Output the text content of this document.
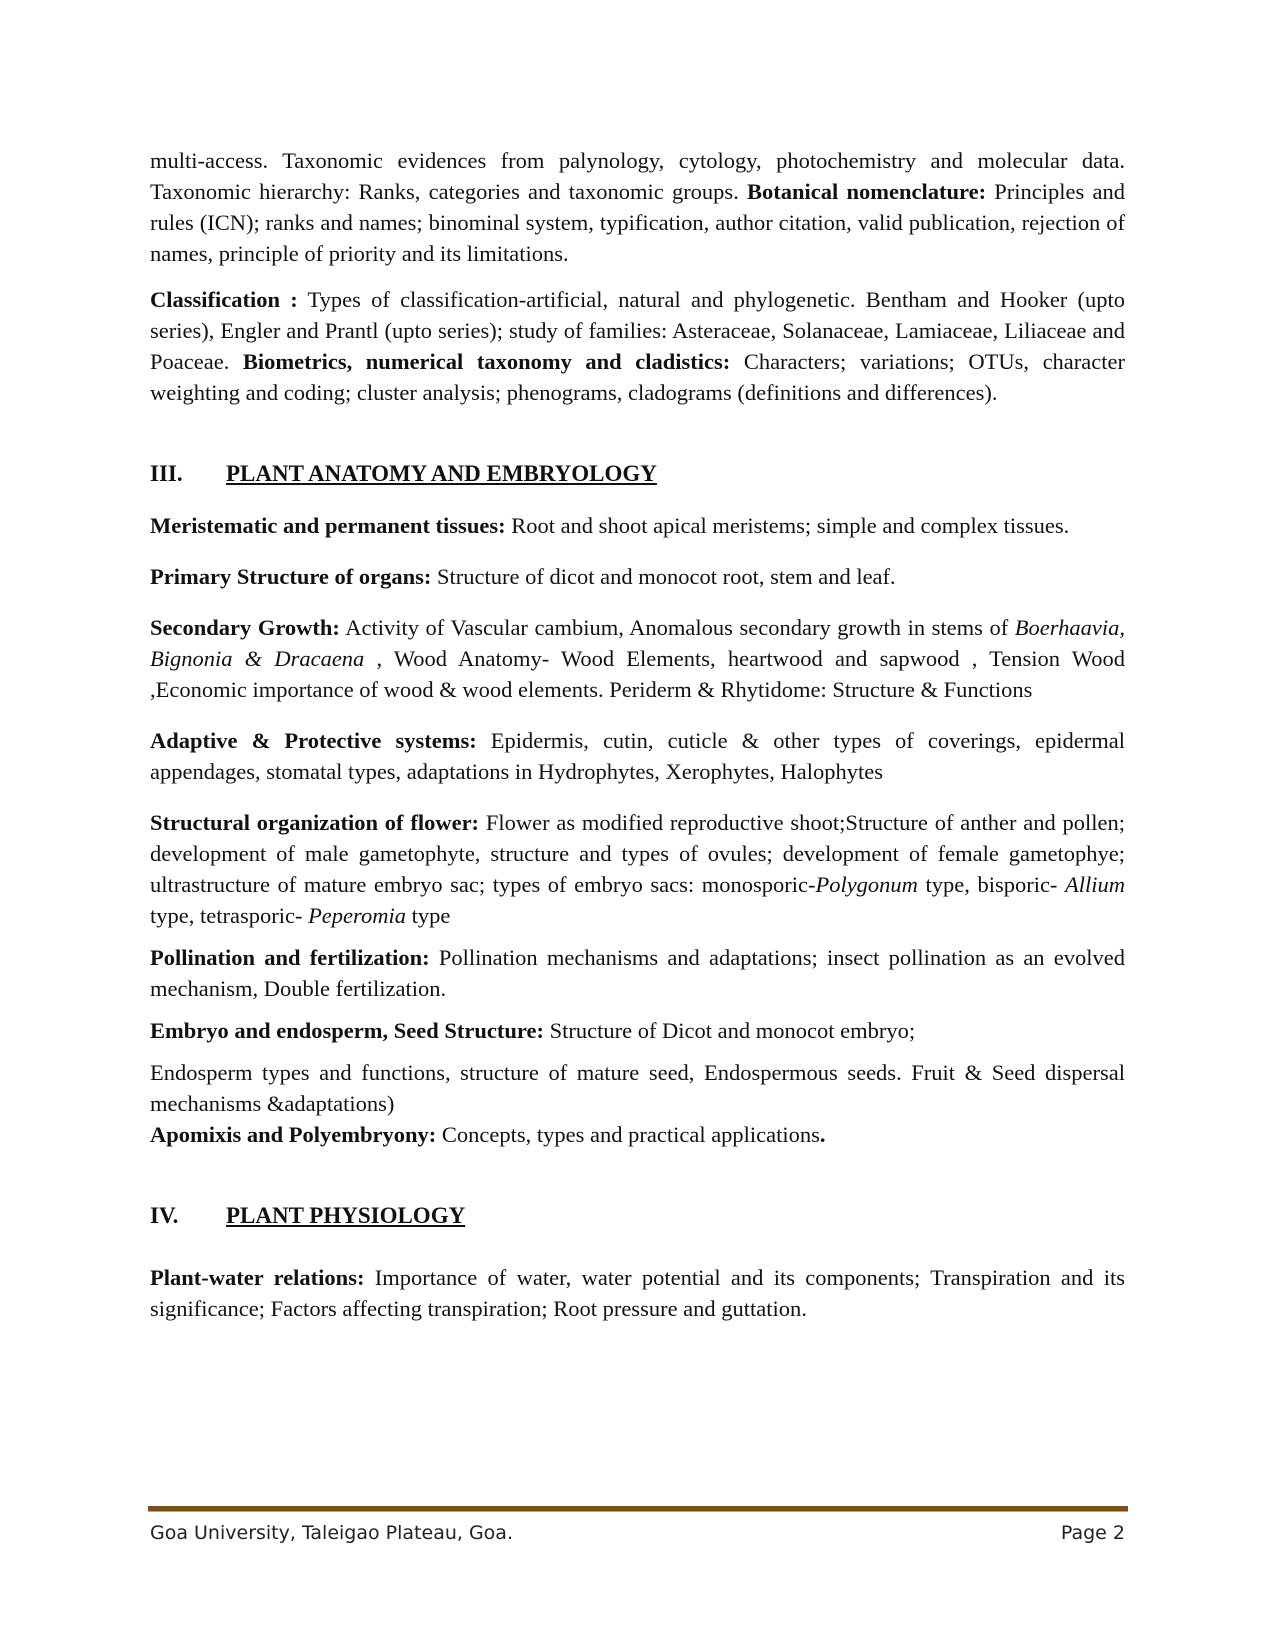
multi-access. Taxonomic evidences from palynology, cytology, photochemistry and molecular data. Taxonomic hierarchy: Ranks, categories and taxonomic groups. Botanical nomenclature: Principles and rules (ICN); ranks and names; binominal system, typification, author citation, valid publication, rejection of names, principle of priority and its limitations.

Classification : Types of classification-artificial, natural and phylogenetic. Bentham and Hooker (upto series), Engler and Prantl (upto series); study of families: Asteraceae, Solanaceae, Lamiaceae, Liliaceae and Poaceae. Biometrics, numerical taxonomy and cladistics: Characters; variations; OTUs, character weighting and coding; cluster analysis; phenograms, cladograms (definitions and differences).

III.	PLANT ANATOMY AND EMBRYOLOGY

Meristematic and permanent tissues: Root and shoot apical meristems; simple and complex tissues.

Primary Structure of organs: Structure of dicot and monocot root, stem and leaf.

Secondary Growth: Activity of Vascular cambium, Anomalous secondary growth in stems of Boerhaavia, Bignonia & Dracaena , Wood Anatomy- Wood Elements, heartwood and sapwood , Tension Wood ,Economic importance of wood & wood elements. Periderm & Rhytidome: Structure & Functions

Adaptive & Protective systems: Epidermis, cutin, cuticle & other types of coverings, epidermal appendages, stomatal types, adaptations in Hydrophytes, Xerophytes, Halophytes

Structural organization of flower: Flower as modified reproductive shoot;Structure of anther and pollen; development of male gametophyte, structure and types of ovules; development of female gametophye; ultrastructure of mature embryo sac; types of embryo sacs: monosporic-Polygonum type, bisporic- Allium type, tetrasporic- Peperomia type

Pollination and fertilization: Pollination mechanisms and adaptations; insect pollination as an evolved mechanism, Double fertilization.

Embryo and endosperm, Seed Structure: Structure of Dicot and monocot embryo;

Endosperm types and functions, structure of mature seed, Endospermous seeds. Fruit & Seed dispersal mechanisms &adaptations)

Apomixis and Polyembryony: Concepts, types and practical applications.

IV.	PLANT PHYSIOLOGY

Plant-water relations: Importance of water, water potential and its components; Transpiration and its significance; Factors affecting transpiration; Root pressure and guttation.

Goa University, Taleigao Plateau, Goa.	Page 2
